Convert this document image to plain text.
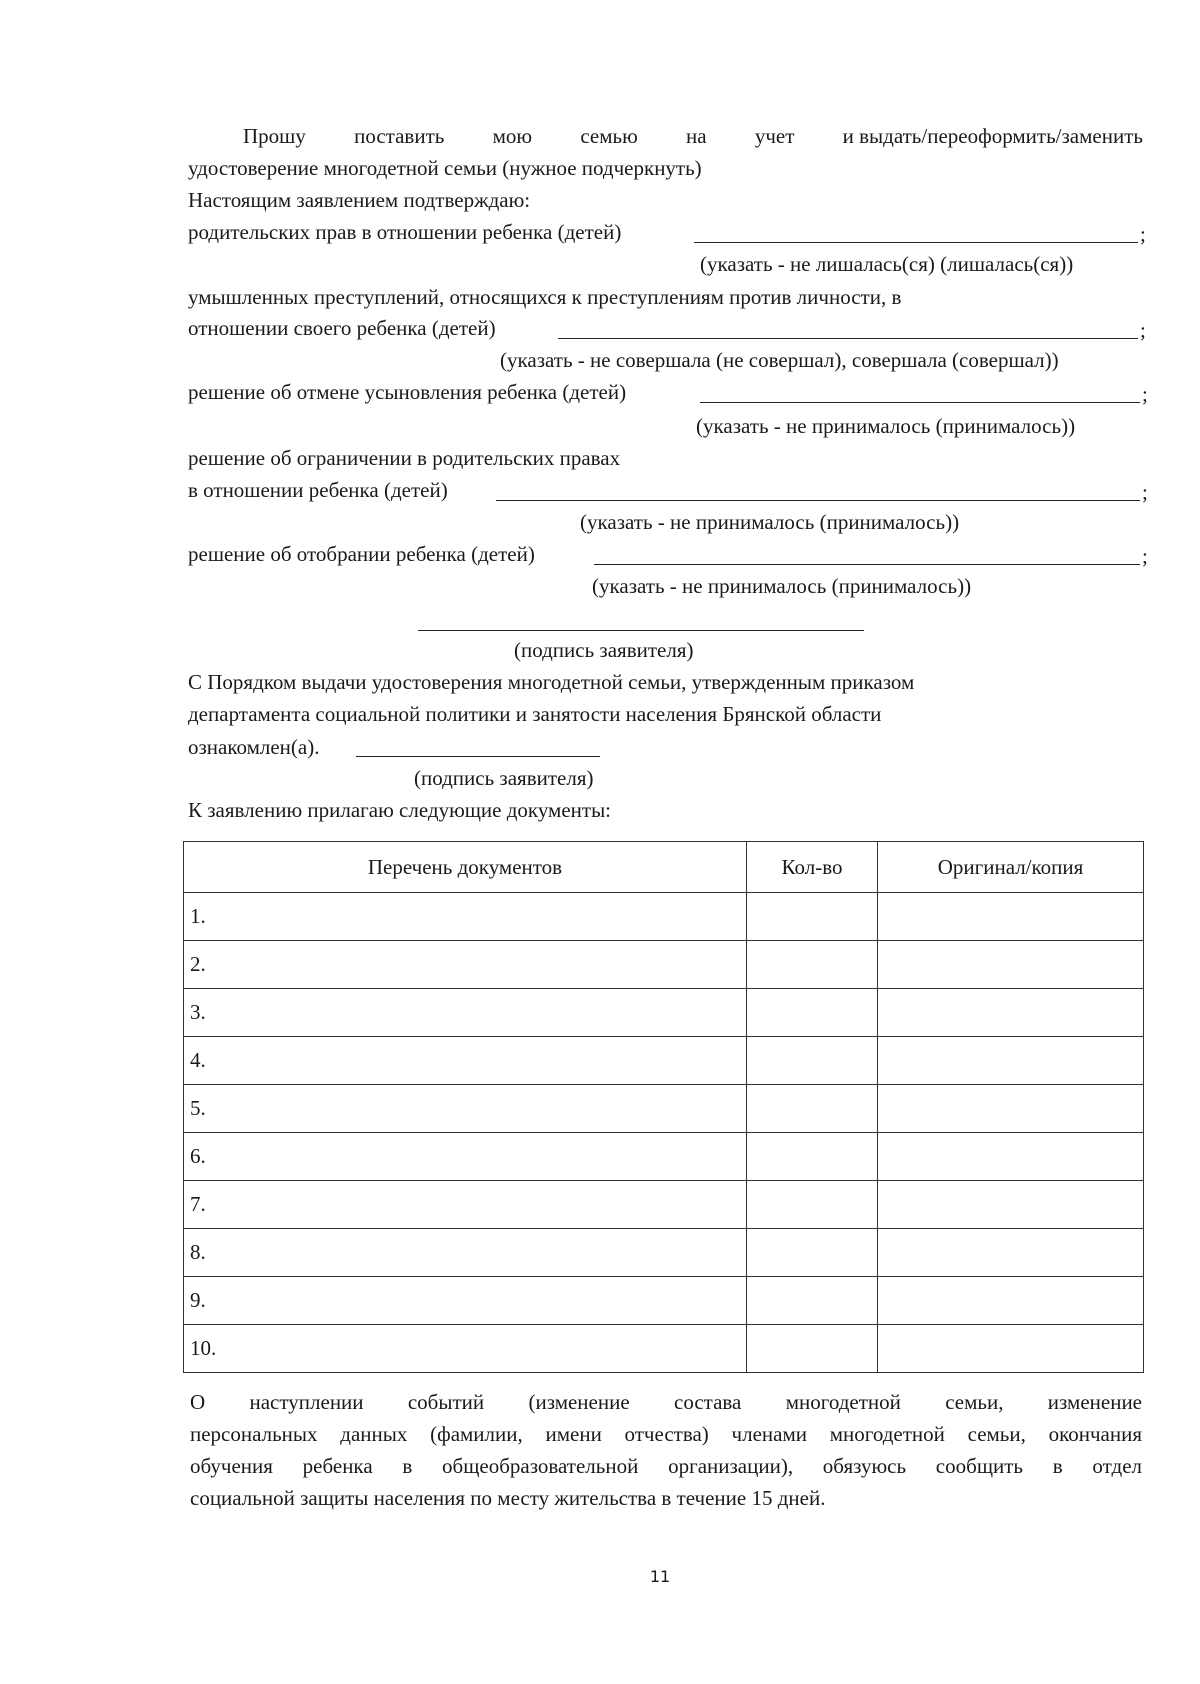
Прошу поставить мою семью на учет и выдать/переоформить/заменить
удостоверение многодетной семьи (нужное подчеркнуть)
Настоящим заявлением подтверждаю:
родительских прав в отношении ребенка (детей)	;
(указать - не лишалась(ся) (лишалась(ся))
умышленных преступлений, относящихся к преступлениям против личности, в
отношении своего ребенка (детей)	;
(указать - не совершала (не совершал), совершала (совершал))
решение об отмене усыновления ребенка (детей)	;
(указать - не принималось (принималось))
решение об ограничении в родительских правах
в отношении ребенка (детей)	;
(указать - не принималось (принималось))
решение об отобрании ребенка (детей)	;
(указать - не принималось (принималось))
(подпись заявителя)
С Порядком выдачи удостоверения многодетной семьи, утвержденным приказом
департамента социальной политики и занятости населения Брянской области
ознакомлен(а).
(подпись заявителя)
К заявлению прилагаю следующие документы:
Перечень документов	Кол-во	Оригинал/копия
1.		
2.		
3.		
4.		
5.		
6.		
7.		
8.		
9.		
10.		
О наступлении событий (изменение состава многодетной семьи, изменение
персональных данных (фамилии, имени отчества) членами многодетной семьи, окончания
обучения ребенка в общеобразовательной организации), обязуюсь сообщить в отдел
социальной защиты населения по месту жительства в течение 15 дней.
11
